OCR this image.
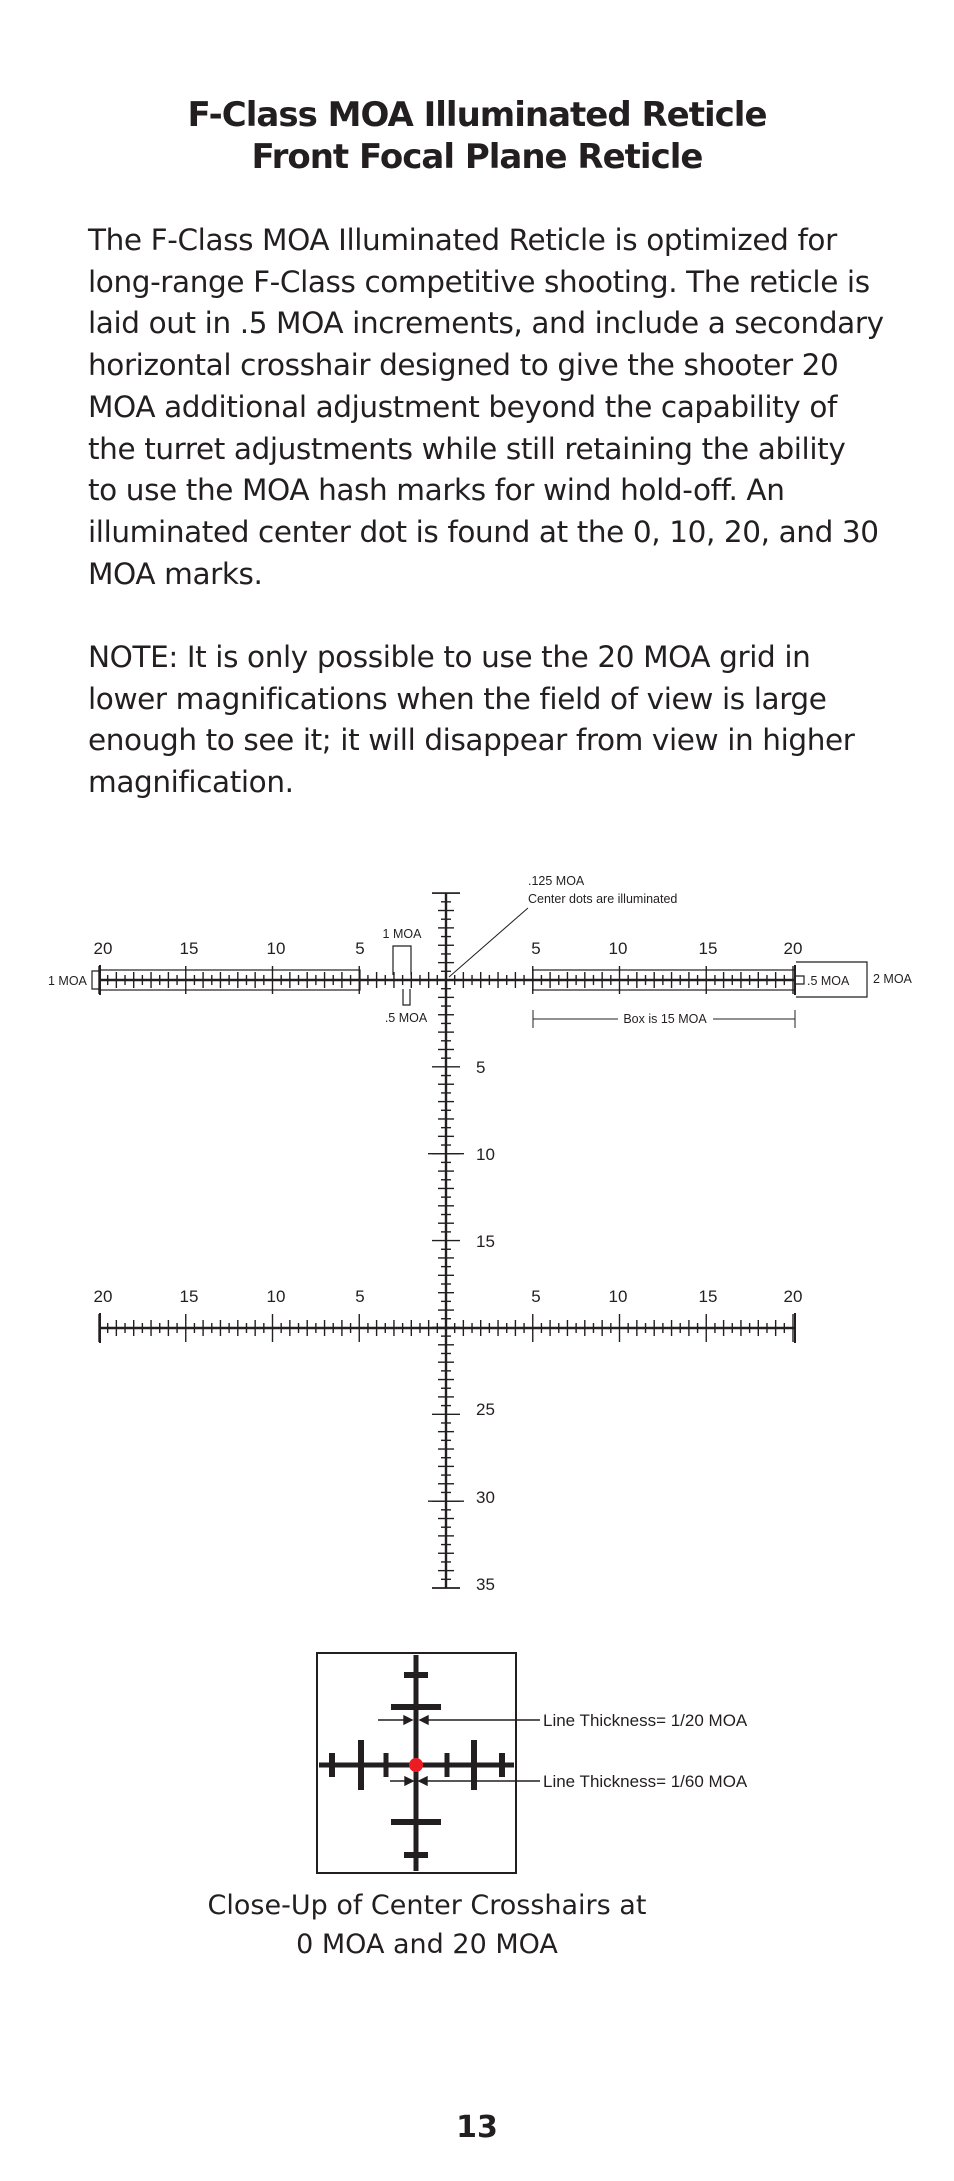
F-Class MOA Illuminated Reticle
Front Focal Plane Reticle
The F-Class MOA Illuminated Reticle is optimized for
long-range F-Class competitive shooting. The reticle is
laid out in .5 MOA increments, and include a secondary
horizontal crosshair designed to give the shooter 20
MOA additional adjustment beyond the capability of
the turret adjustments while still retaining the ability
to use the MOA hash marks for wind hold-off. An
illuminated center dot is found at the 0, 10, 20, and 30
MOA marks.
NOTE: It is only possible to use the 20 MOA grid in
lower magnifications when the field of view is large
enough to see it; it will disappear from view in higher
magnification.
20	15	10	5	5	10	15	20
20	15	10	5	5	10	15	20
5
10
15
25
30
35
.125 MOA
Center dots are illuminated
1 MOA
.5 MOA
1 MOA	.5 MOA 2 MOA
Box is 15 MOA
Line Thickness= 1/20 MOA
Line Thickness= 1/60 MOA
Close-Up of Center Crosshairs at
0 MOA and 20 MOA
13
